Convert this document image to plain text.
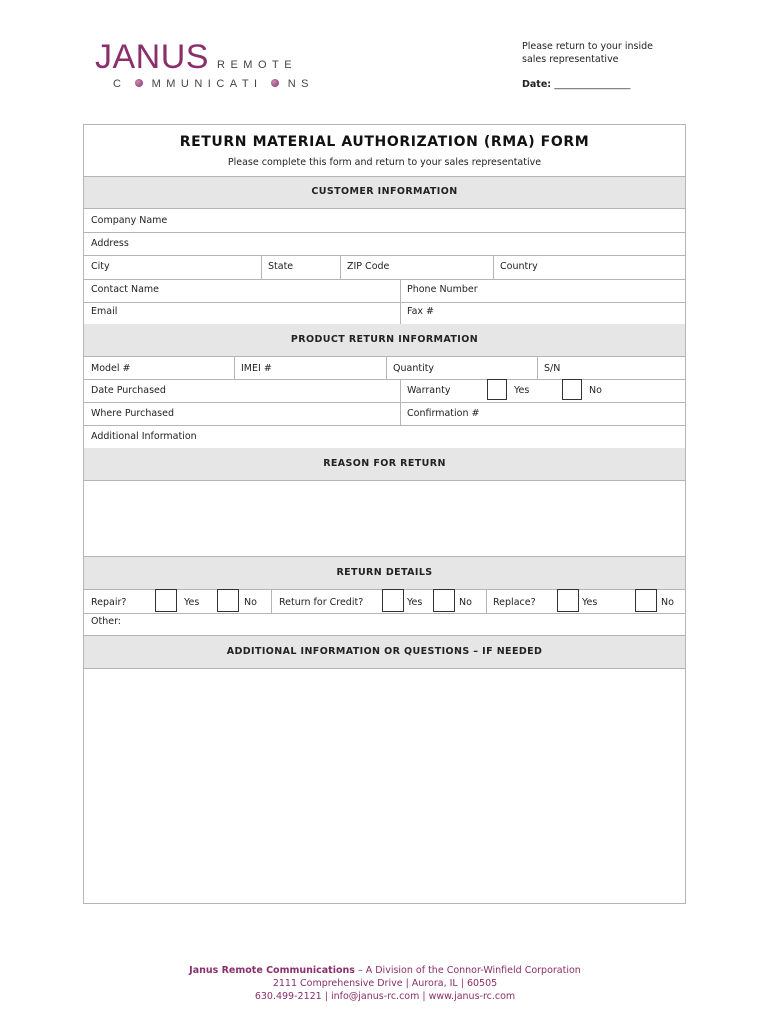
JANUS REMOTE
C MMUNICATI NS
Please return to your inside
sales representative
Date: ________________
RETURN MATERIAL AUTHORIZATION (RMA) FORM
Please complete this form and return to your sales representative
CUSTOMER INFORMATION
Company Name
Address
City	State	ZIP Code	Country
Contact Name	Phone Number
Email	Fax #
PRODUCT RETURN INFORMATION
Model #	IMEI #	Quantity	S/N
Date Purchased	Warranty	Yes	No
Where Purchased	Confirmation #
Additional Information
REASON FOR RETURN
RETURN DETAILS
Repair?	Yes	No Return for Credit?	Yes	No Replace?	Yes	No
Other:
ADDITIONAL INFORMATION OR QUESTIONS – IF NEEDED
Janus Remote Communications – A Division of the Connor-Winfield Corporation
2111 Comprehensive Drive | Aurora, IL | 60505
630.499-2121 | info@janus-rc.com | www.janus-rc.com
